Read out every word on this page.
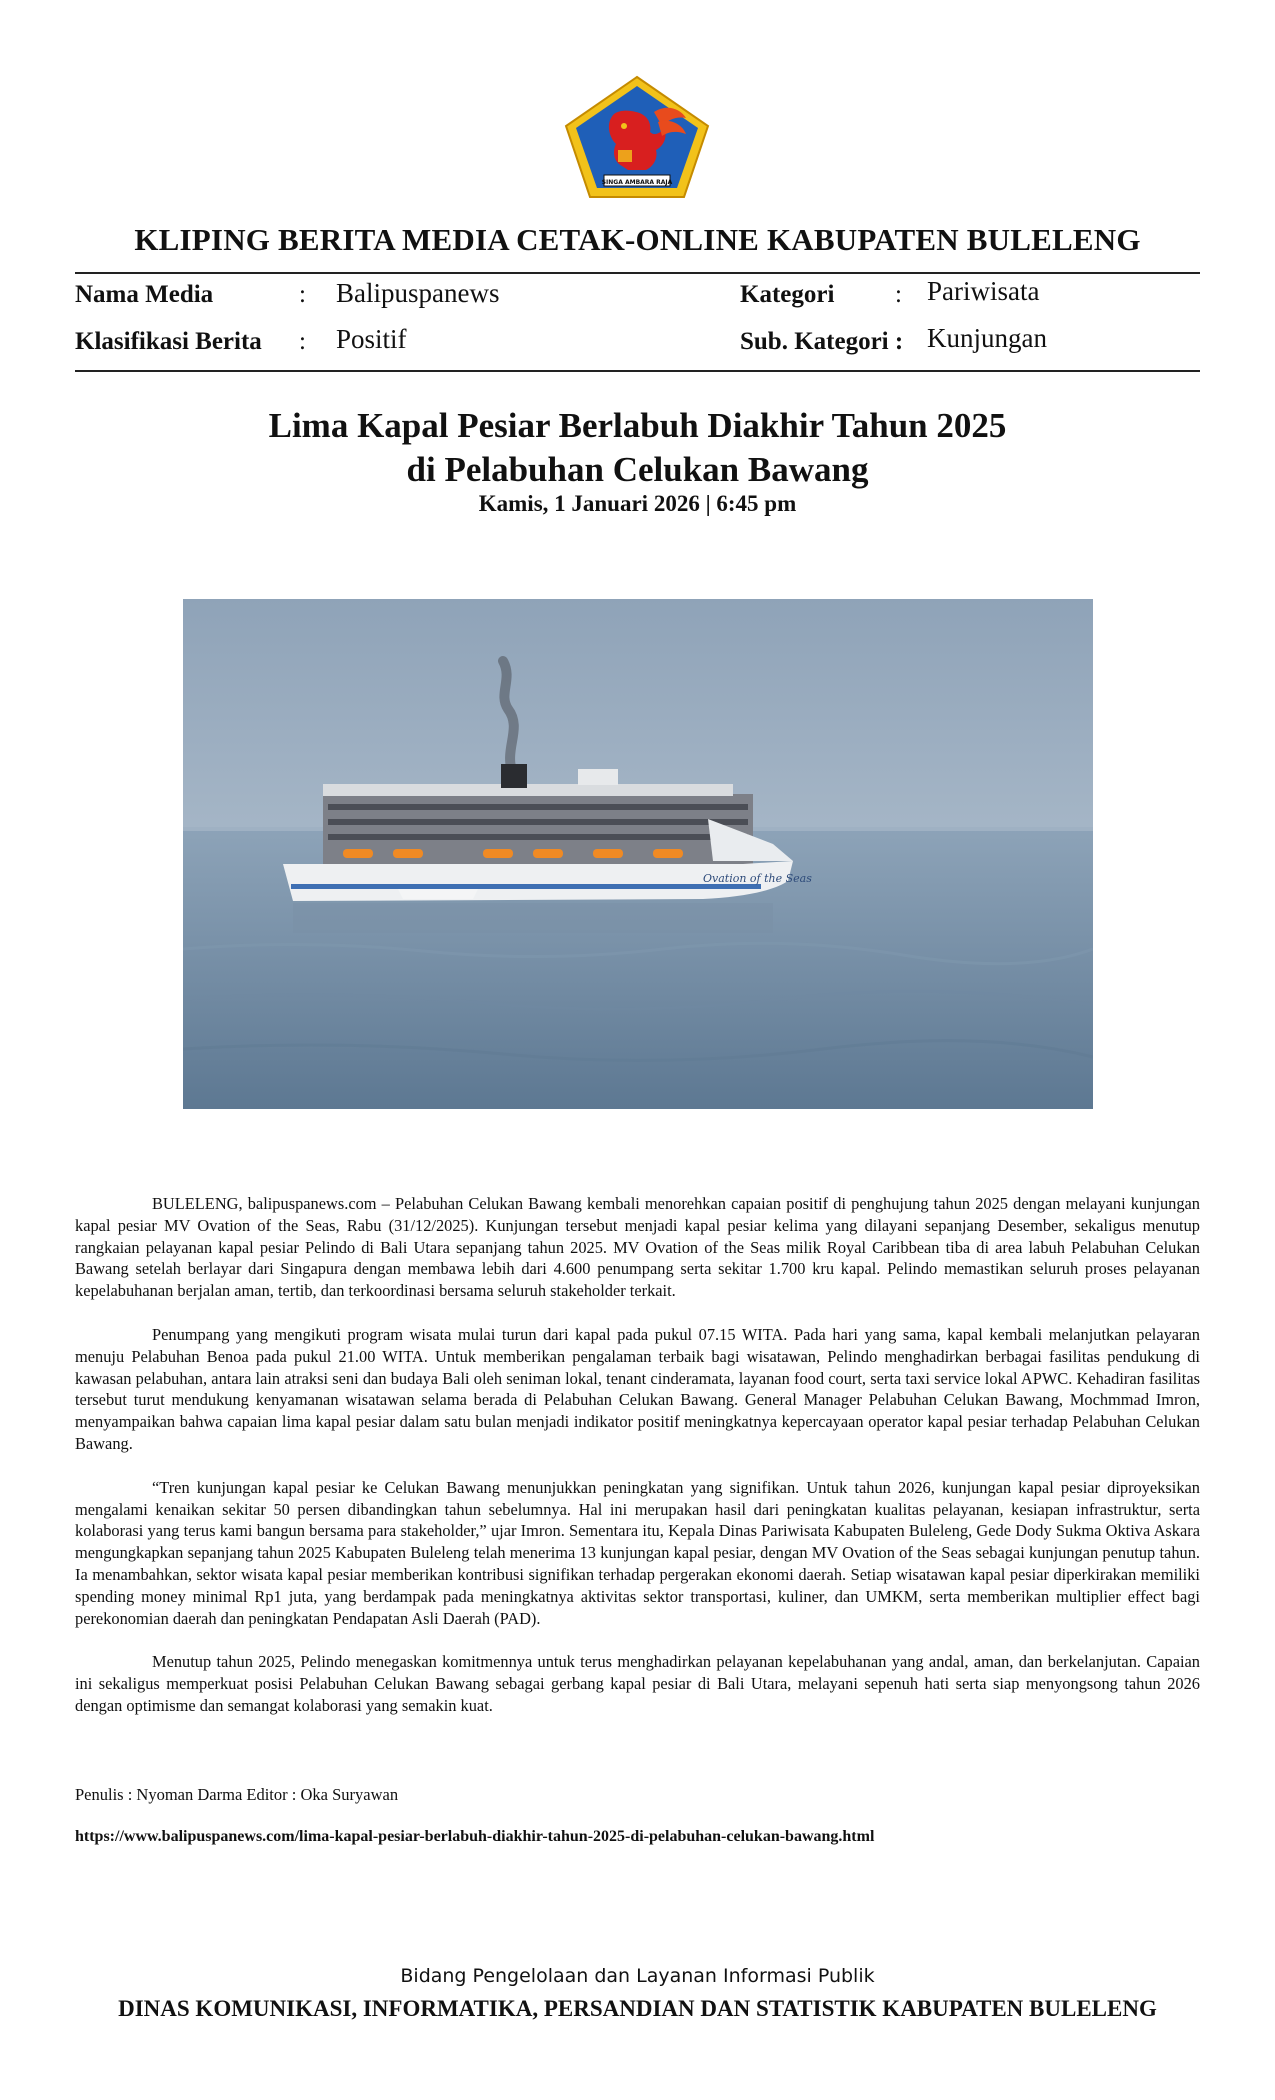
SINGA AMBARA RAJA
KLIPING BERITA MEDIA CETAK-ONLINE KABUPATEN BULELENG
Nama Media	: Balipuspanews	Kategori : Pariwisata
Klasifikasi Berita : Positif	Sub. Kategori : Kunjungan
Lima Kapal Pesiar Berlabuh Diakhir Tahun 2025
di Pelabuhan Celukan Bawang
Kamis, 1 Januari 2026 | 6:45 pm
Ovation of the Seas

BULELENG, balipuspanews.com – Pelabuhan Celukan Bawang kembali menorehkan capaian positif di penghujung tahun 2025 dengan melayani kunjungan kapal pesiar MV Ovation of the Seas, Rabu (31/12/2025). Kunjungan tersebut menjadi kapal pesiar kelima yang dilayani sepanjang Desember, sekaligus menutup rangkaian pelayanan kapal pesiar Pelindo di Bali Utara sepanjang tahun 2025. MV Ovation of the Seas milik Royal Caribbean tiba di area labuh Pelabuhan Celukan Bawang setelah berlayar dari Singapura dengan membawa lebih dari 4.600 penumpang serta sekitar 1.700 kru kapal. Pelindo memastikan seluruh proses pelayanan kepelabuhanan berjalan aman, tertib, dan terkoordinasi bersama seluruh stakeholder terkait.

Penumpang yang mengikuti program wisata mulai turun dari kapal pada pukul 07.15 WITA. Pada hari yang sama, kapal kembali melanjutkan pelayaran menuju Pelabuhan Benoa pada pukul 21.00 WITA. Untuk memberikan pengalaman terbaik bagi wisatawan, Pelindo menghadirkan berbagai fasilitas pendukung di kawasan pelabuhan, antara lain atraksi seni dan budaya Bali oleh seniman lokal, tenant cinderamata, layanan food court, serta taxi service lokal APWC. Kehadiran fasilitas tersebut turut mendukung kenyamanan wisatawan selama berada di Pelabuhan Celukan Bawang. General Manager Pelabuhan Celukan Bawang, Mochmmad Imron, menyampaikan bahwa capaian lima kapal pesiar dalam satu bulan menjadi indikator positif meningkatnya kepercayaan operator kapal pesiar terhadap Pelabuhan Celukan Bawang.

“Tren kunjungan kapal pesiar ke Celukan Bawang menunjukkan peningkatan yang signifikan. Untuk tahun 2026, kunjungan kapal pesiar diproyeksikan mengalami kenaikan sekitar 50 persen dibandingkan tahun sebelumnya. Hal ini merupakan hasil dari peningkatan kualitas pelayanan, kesiapan infrastruktur, serta kolaborasi yang terus kami bangun bersama para stakeholder,” ujar Imron. Sementara itu, Kepala Dinas Pariwisata Kabupaten Buleleng, Gede Dody Sukma Oktiva Askara mengungkapkan sepanjang tahun 2025 Kabupaten Buleleng telah menerima 13 kunjungan kapal pesiar, dengan MV Ovation of the Seas sebagai kunjungan penutup tahun. Ia menambahkan, sektor wisata kapal pesiar memberikan kontribusi signifikan terhadap pergerakan ekonomi daerah. Setiap wisatawan kapal pesiar diperkirakan memiliki spending money minimal Rp1 juta, yang berdampak pada meningkatnya aktivitas sektor transportasi, kuliner, dan UMKM, serta memberikan multiplier effect bagi perekonomian daerah dan peningkatan Pendapatan Asli Daerah (PAD).

Menutup tahun 2025, Pelindo menegaskan komitmennya untuk terus menghadirkan pelayanan kepelabuhanan yang andal, aman, dan berkelanjutan. Capaian ini sekaligus memperkuat posisi Pelabuhan Celukan Bawang sebagai gerbang kapal pesiar di Bali Utara, melayani sepenuh hati serta siap menyongsong tahun 2026 dengan optimisme dan semangat kolaborasi yang semakin kuat.

Penulis : Nyoman Darma Editor : Oka Suryawan
https://www.balipuspanews.com/lima-kapal-pesiar-berlabuh-diakhir-tahun-2025-di-pelabuhan-celukan-bawang.html
Bidang Pengelolaan dan Layanan Informasi Publik
DINAS KOMUNIKASI, INFORMATIKA, PERSANDIAN DAN STATISTIK KABUPATEN BULELENG
